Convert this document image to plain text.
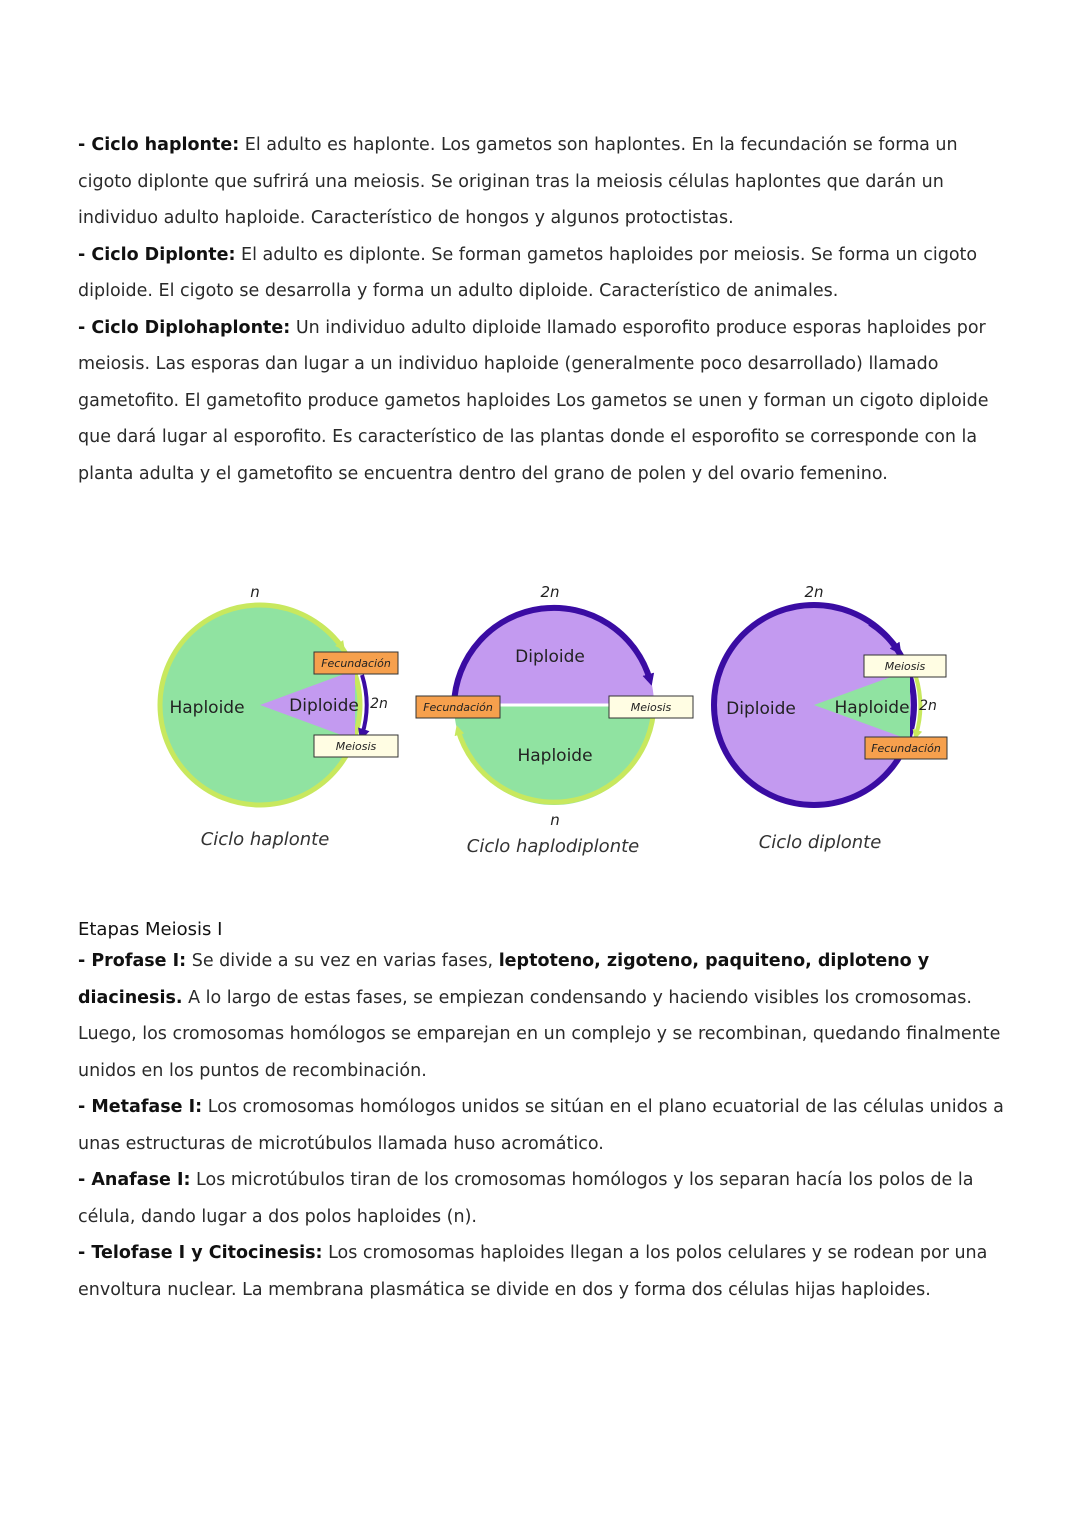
- Ciclo haplonte: El adulto es haplonte. Los gametos son haplontes. En la fecundación se forma un cigoto diplonte que sufrirá una meiosis. Se originan tras la meiosis células haplontes que darán un individuo adulto haploide. Característico de hongos y algunos protoctistas.
- Ciclo Diplonte: El adulto es diplonte. Se forman gametos haploides por meiosis. Se forma un cigoto diploide. El cigoto se desarrolla y forma un adulto diploide. Característico de animales.
- Ciclo Diplohaplonte: Un individuo adulto diploide llamado esporofito produce esporas haploides por meiosis. Las esporas dan lugar a un individuo haploide (generalmente poco desarrollado) llamado gametofito. El gametofito produce gametos haploides Los gametos se unen y forman un cigoto diploide que dará lugar al esporofito. Es característico de las plantas donde el esporofito se corresponde con la planta adulta y el gametofito se encuentra dentro del grano de polen y del ovario femenino.
n
Haploide	Diploide 2n
Fecundación
Meiosis
Ciclo haplonte
2n
Diploide
Haploide
n
Fecundación	Meiosis
Ciclo haplodiplonte
2n
Diploide Haploide 2n
Meiosis
Fecundación
Ciclo diplonte
Etapas Meiosis I
- Profase I: Se divide a su vez en varias fases, leptoteno, zigoteno, paquiteno, diploteno y diacinesis. A lo largo de estas fases, se empiezan condensando y haciendo visibles los cromosomas. Luego, los cromosomas homólogos se emparejan en un complejo y se recombinan, quedando finalmente unidos en los puntos de recombinación.
- Metafase I: Los cromosomas homólogos unidos se sitúan en el plano ecuatorial de las células unidos a unas estructuras de microtúbulos llamada huso acromático.
- Anafase I: Los microtúbulos tiran de los cromosomas homólogos y los separan hacía los polos de la célula, dando lugar a dos polos haploides (n).
- Telofase I y Citocinesis: Los cromosomas haploides llegan a los polos celulares y se rodean por una envoltura nuclear. La membrana plasmática se divide en dos y forma dos células hijas haploides.
